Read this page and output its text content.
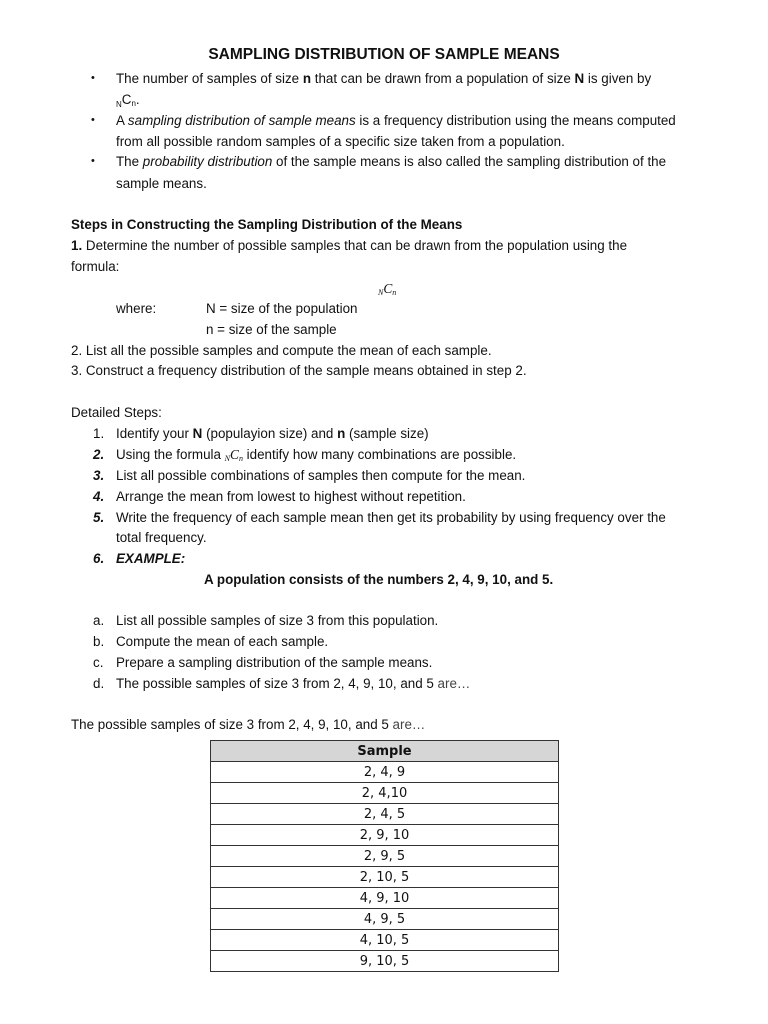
SAMPLING DISTRIBUTION OF SAMPLE MEANS
• The number of samples of size n that can be drawn from a population of size N is given by
$_N$Cn.
• A sampling distribution of sample means is a frequency distribution using the means computed
from all possible random samples of a specific size taken from a population.
• The probability distribution of the sample means is also called the sampling distribution of the
sample means.
Steps in Constructing the Sampling Distribution of the Means
1. Determine the number of possible samples that can be drawn from the population using the
formula:
$_NC_n$
where:	N = size of the population
n = size of the sample
2. List all the possible samples and compute the mean of each sample.
3. Construct a frequency distribution of the sample means obtained in step 2.
Detailed Steps:
1. Identify your N (populayion size) and n (sample size)
2. Using the formula $_NC_n$ identify how many combinations are possible.
3. List all possible combinations of samples then compute for the mean.
4. Arrange the mean from lowest to highest without repetition.
5. Write the frequency of each sample mean then get its probability by using frequency over the
total frequency.
6. EXAMPLE:
A population consists of the numbers 2, 4, 9, 10, and 5.
a. List all possible samples of size 3 from this population.
b. Compute the mean of each sample.
c. Prepare a sampling distribution of the sample means.
d. The possible samples of size 3 from 2, 4, 9, 10, and 5 are…
The possible samples of size 3 from 2, 4, 9, 10, and 5 are…
Sample
2, 4, 9
2, 4,10
2, 4, 5
2, 9, 10
2, 9, 5
2, 10, 5
4, 9, 10
4, 9, 5
4, 10, 5
9, 10, 5
